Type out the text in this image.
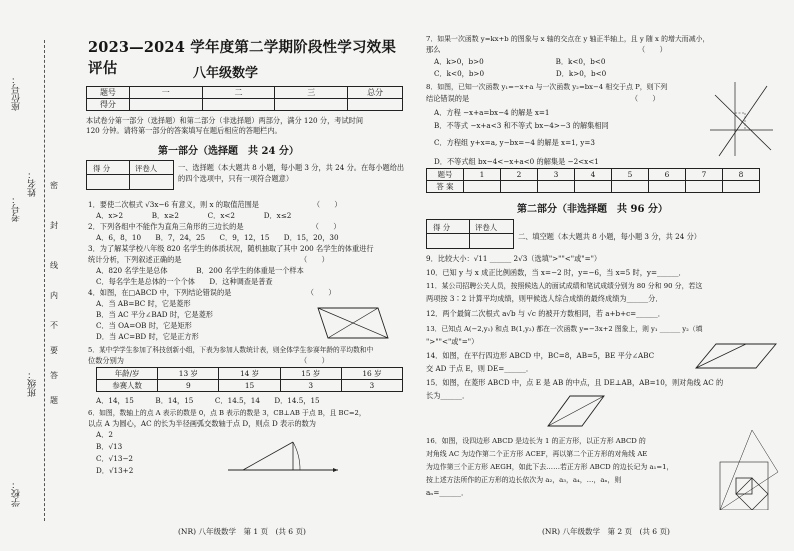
座位号：
考号：
姓名：
班级：
学校：
密
封
线
内
不
要
答
题
2023—2024 学年度第二学期阶段性学习效果评估	八年级数学
题号	一	二	三	总分
得分				
本试卷分第一部分（选择题）和第二部分（非选择题）两部分，满分 120 分，考试时间
120 分钟。请将第一部分的答案填写在题后相应的答题栏内。
第一部分（选择题　共 24 分）
得 分	评卷人	一、选择题（本大题共 8 小题，每小题 3 分，共 24 分。在每小题给出
的四个选项中，只有一项符合题意）
1．要使二次根式 √3x−6 有意义，则 x 的取值范围是　　　　　　　　（　　）
A．x>2　　　　B．x≥2　　　　C．x<2　　　　D．x≤2
2．下列各组中不能作为直角三角形的三边长的是　　　　　　　　　　（　　）
A．6，8，10　　B．7，24，25　　C．9，12，15　　D．15，20，30
3．为了解某学校八年级 820 名学生的体质状况，随机抽取了其中 200 名学生的体重进行
统计分析，下列叙述正确的是　　　　　　　　　　　　　　　　　（　　）
A．820 名学生是总体　　　　B．200 名学生的体重是一个样本
C．每名学生是总体的一个个体　　D．这种调查是普查
4．如图，在□ABCD 中，下列结论错误的是　　　　　　　　　　　（　　）
A．当 AB=BC 时，它是菱形
B．当 AC 平分∠BAD 时，它是菱形
C．当 OA=OB 时，它是矩形
D．当 AC=BD 时，它是正方形
5．某中学学生参加了科技创新小组，下表为参加人数统计表，则全体学生参赛年龄的平均数和中
位数分别为　　　　　　　　　　　　　　　　　　　　　　　　　（　　）
年龄/岁	13 岁	14 岁	15 岁	16 岁
参赛人数	9	15	3	3
A．14，15　　　B．14，15　　　C．14.5，14　　D．14.5，15
6．如图，数轴上的点 A 表示的数是 0，点 B 表示的数是 3，CB⊥AB 于点 B，且 BC=2，
以点 A 为圆心，AC 的长为半径画弧交数轴于点 D，则点 D 表示的数为
A．2
B．√13
C．√13−2
D．√13+2
(NR) 八年级数学　第 1 页　(共 6 页)
7．如果一次函数 y=kx+b 的图象与 x 轴的交点在 y 轴正半轴上，且 y 随 x 的增大而减小，
那么　　　　　　　　　　　　　　　　　　　　　　　　　　　　（　　）
A．k>0，b>0　　　　　　　　　　B．k<0，b<0
C．k<0，b>0　　　　　　　　　　D．k>0，b<0
8．如图，已知一次函数 y₁=−x+a 与一次函数 y₂=bx−4 相交于点 P，则下列
结论错误的是　　　　　　　　　　　　　　　　　　　　　　　（　　）
A．方程 −x+a=bx−4 的解是 x=1
B．不等式 −x+a<3 和不等式 bx−4>−3 的解集相同
C．方程组 y+x=a, y−bx=−4 的解是 x=1, y=3
D．不等式组 bx−4<−x+a<0 的解集是 −2<x<1
题号	1	2	3	4	5	6	7	8
答 案								
第二部分（非选择题　共 96 分）
得 分	评卷人
二、填空题（本大题共 8 小题，每小题 3 分，共 24 分）
9．比较大小：√11 ______ 2√3（选填">""<"或"="）
10．已知 y 与 x 成正比例函数，当 x=−2 时，y=−6，当 x=5 时，y=______．
11．某公司招聘公关人员，按照候选人的面试成绩和笔试成绩分别为 80 分和 90 分，若这
两项按 3∶2 计算平均成绩，则甲候选人综合成绩的最终成绩为______分．
12．两个最简二次根式 a√b 与 √c 的被开方数相同，若 a+b+c=______．
13．已知点 A(−2,y₁) 和点 B(1,y₂) 都在一次函数 y=−3x+2 图象上，则 y₁ ______ y₂（填
">""<"或"="）
14．如图，在平行四边形 ABCD 中，BC=8，AB=5，BE 平分∠ABC
交 AD 于点 E，则 DE=______．
15．如图，在菱形 ABCD 中，点 E 是 AB 的中点，且 DE⊥AB，AB=10，则对角线 AC 的
长为______．
16．如图，设四边形 ABCD 是边长为 1 的正方形，以正方形 ABCD 的
对角线 AC 为边作第二个正方形 ACEF，再以第二个正方形的对角线 AE
为边作第三个正方形 AEGH，如此下去……若正方形 ABCD 的边长记为 a₁=1，
按上述方法所作的正方形的边长依次为 a₂，a₃，a₄，…，aₙ，则
aₙ=______．
(NR) 八年级数学　第 2 页　(共 6 页)
